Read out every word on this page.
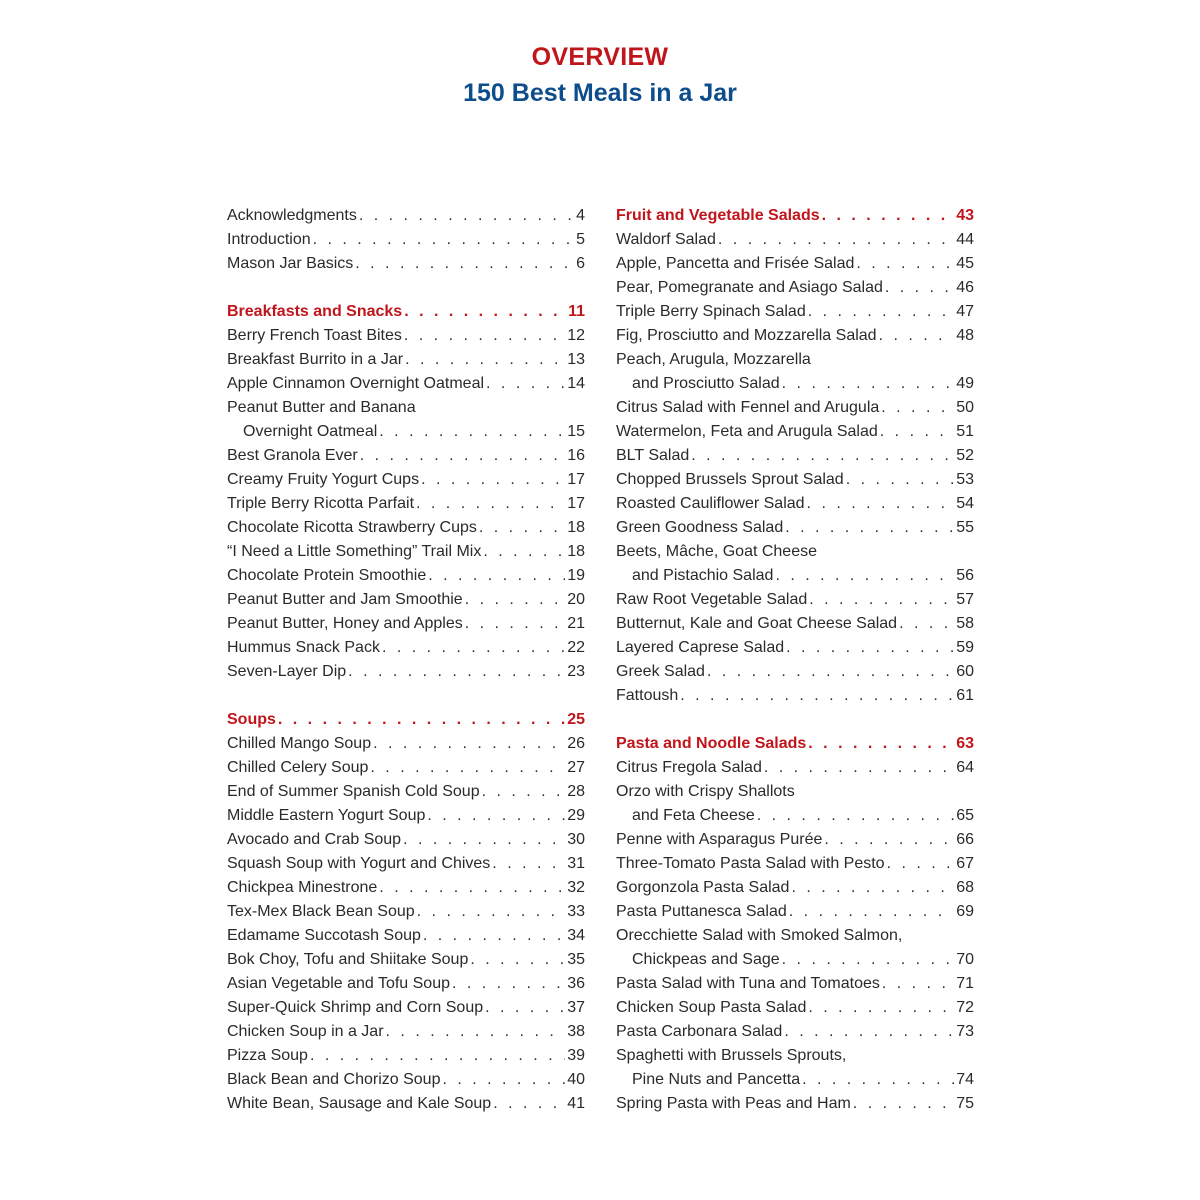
OVERVIEW
150 Best Meals in a Jar
Acknowledgments . . .	4
Introduction . . .	5
Mason Jar Basics . . .	6
Breakfasts and Snacks . . .	11
Berry French Toast Bites . . .	12
Breakfast Burrito in a Jar . . .	13
Apple Cinnamon Overnight Oatmeal . . .	14
Peanut Butter and Banana
Overnight Oatmeal . . .	15
Best Granola Ever . . .	16
Creamy Fruity Yogurt Cups . . .	17
Triple Berry Ricotta Parfait . . .	17
Chocolate Ricotta Strawberry Cups . . .	18
“I Need a Little Something” Trail Mix . . .	18
Chocolate Protein Smoothie . . .	19
Peanut Butter and Jam Smoothie . . .	20
Peanut Butter, Honey and Apples . . .	21
Hummus Snack Pack . . .	22
Seven-Layer Dip . . .	23
Soups . . .	25
Chilled Mango Soup . . .	26
Chilled Celery Soup . . .	27
End of Summer Spanish Cold Soup . . .	28
Middle Eastern Yogurt Soup . . .	29
Avocado and Crab Soup . . .	30
Squash Soup with Yogurt and Chives . . .	31
Chickpea Minestrone . . .	32
Tex-Mex Black Bean Soup . . .	33
Edamame Succotash Soup . . .	34
Bok Choy, Tofu and Shiitake Soup . . .	35
Asian Vegetable and Tofu Soup . . .	36
Super-Quick Shrimp and Corn Soup . . .	37
Chicken Soup in a Jar . . .	38
Pizza Soup . . .	39
Black Bean and Chorizo Soup . . .	40
White Bean, Sausage and Kale Soup . . .	41
Fruit and Vegetable Salads . . .	43
Waldorf Salad . . .	44
Apple, Pancetta and Frisée Salad . . .	45
Pear, Pomegranate and Asiago Salad . . .	46
Triple Berry Spinach Salad . . .	47
Fig, Prosciutto and Mozzarella Salad . . .	48
Peach, Arugula, Mozzarella
and Prosciutto Salad . . .	49
Citrus Salad with Fennel and Arugula . . .	50
Watermelon, Feta and Arugula Salad . . .	51
BLT Salad . . .	52
Chopped Brussels Sprout Salad . . .	53
Roasted Cauliflower Salad . . .	54
Green Goodness Salad . . .	55
Beets, Mâche, Goat Cheese
and Pistachio Salad . . .	56
Raw Root Vegetable Salad . . .	57
Butternut, Kale and Goat Cheese Salad . . .	58
Layered Caprese Salad . . .	59
Greek Salad . . .	60
Fattoush . . .	61
Pasta and Noodle Salads . . .	63
Citrus Fregola Salad . . .	64
Orzo with Crispy Shallots
and Feta Cheese . . .	65
Penne with Asparagus Purée . . .	66
Three-Tomato Pasta Salad with Pesto . . .	67
Gorgonzola Pasta Salad . . .	68
Pasta Puttanesca Salad . . .	69
Orecchiette Salad with Smoked Salmon,
Chickpeas and Sage . . .	70
Pasta Salad with Tuna and Tomatoes . . .	71
Chicken Soup Pasta Salad . . .	72
Pasta Carbonara Salad . . .	73
Spaghetti with Brussels Sprouts,
Pine Nuts and Pancetta . . .	74
Spring Pasta with Peas and Ham . . .	75
